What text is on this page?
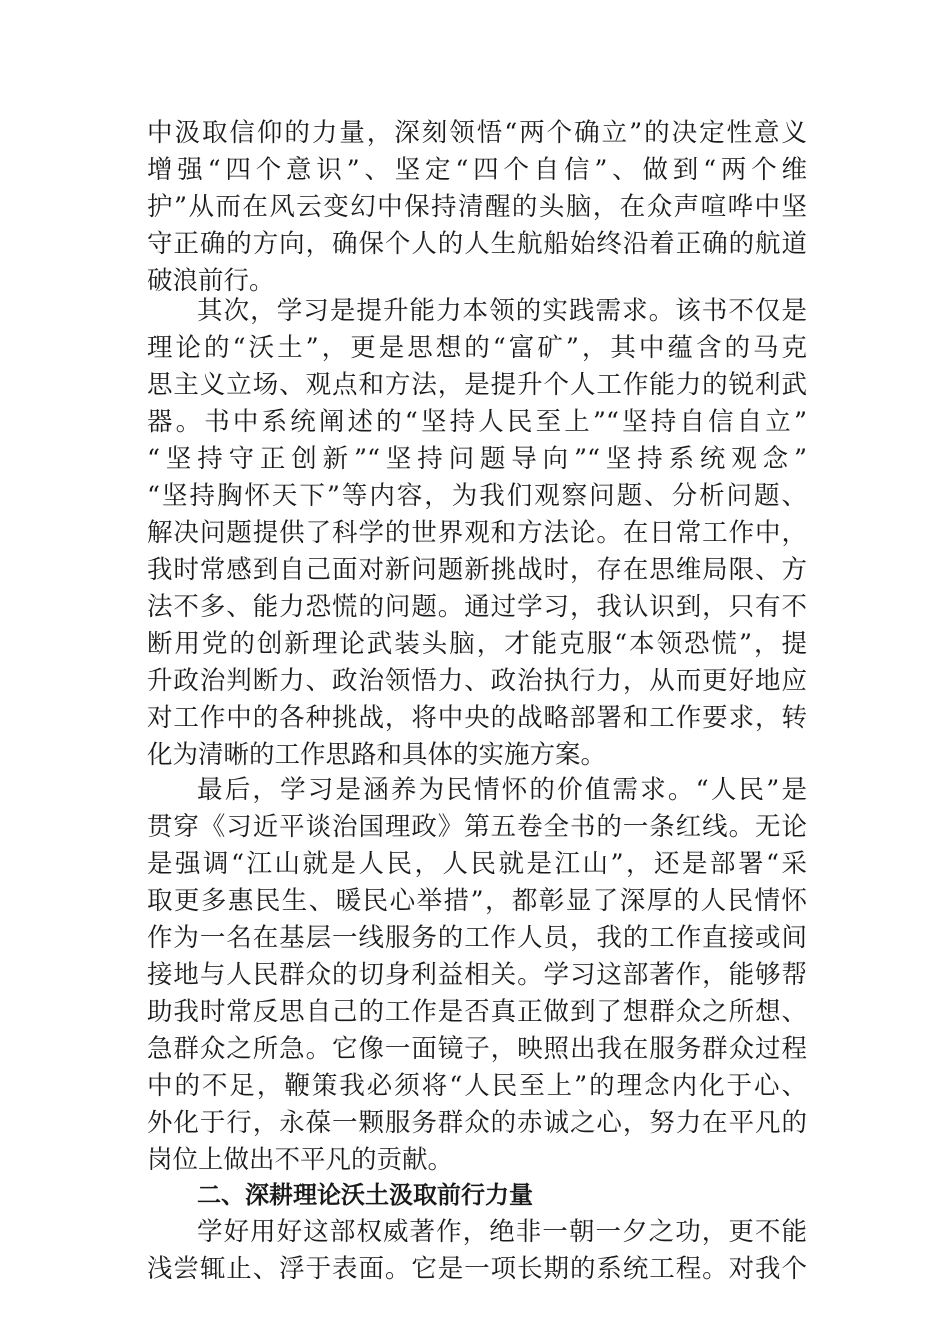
中汲取信仰的力量，深刻领悟“两个确立”的决定性意义
增强“四个意识”、坚定“四个自信”、做到“两个维
护”从而在风云变幻中保持清醒的头脑，在众声喧哗中坚
守正确的方向，确保个人的人生航船始终沿着正确的航道
破浪前行。
其次，学习是提升能力本领的实践需求。该书不仅是
理论的“沃土”，更是思想的“富矿”，其中蕴含的马克
思主义立场、观点和方法，是提升个人工作能力的锐利武
器。书中系统阐述的“坚持人民至上”“坚持自信自立”
“坚持守正创新”“坚持问题导向”“坚持系统观念”
“坚持胸怀天下”等内容，为我们观察问题、分析问题、
解决问题提供了科学的世界观和方法论。在日常工作中，
我时常感到自己面对新问题新挑战时，存在思维局限、方
法不多、能力恐慌的问题。通过学习，我认识到，只有不
断用党的创新理论武装头脑，才能克服“本领恐慌”，提
升政治判断力、政治领悟力、政治执行力，从而更好地应
对工作中的各种挑战，将中央的战略部署和工作要求，转
化为清晰的工作思路和具体的实施方案。
最后，学习是涵养为民情怀的价值需求。“人民”是
贯穿《习近平谈治国理政》第五卷全书的一条红线。无论
是强调“江山就是人民，人民就是江山”，还是部署“采
取更多惠民生、暖民心举措”，都彰显了深厚的人民情怀
作为一名在基层一线服务的工作人员，我的工作直接或间
接地与人民群众的切身利益相关。学习这部著作，能够帮
助我时常反思自己的工作是否真正做到了想群众之所想、
急群众之所急。它像一面镜子，映照出我在服务群众过程
中的不足，鞭策我必须将“人民至上”的理念内化于心、
外化于行，永葆一颗服务群众的赤诚之心，努力在平凡的
岗位上做出不平凡的贡献。
二、深耕理论沃土汲取前行力量
学好用好这部权威著作，绝非一朝一夕之功，更不能
浅尝辄止、浮于表面。它是一项长期的系统工程。对我个
